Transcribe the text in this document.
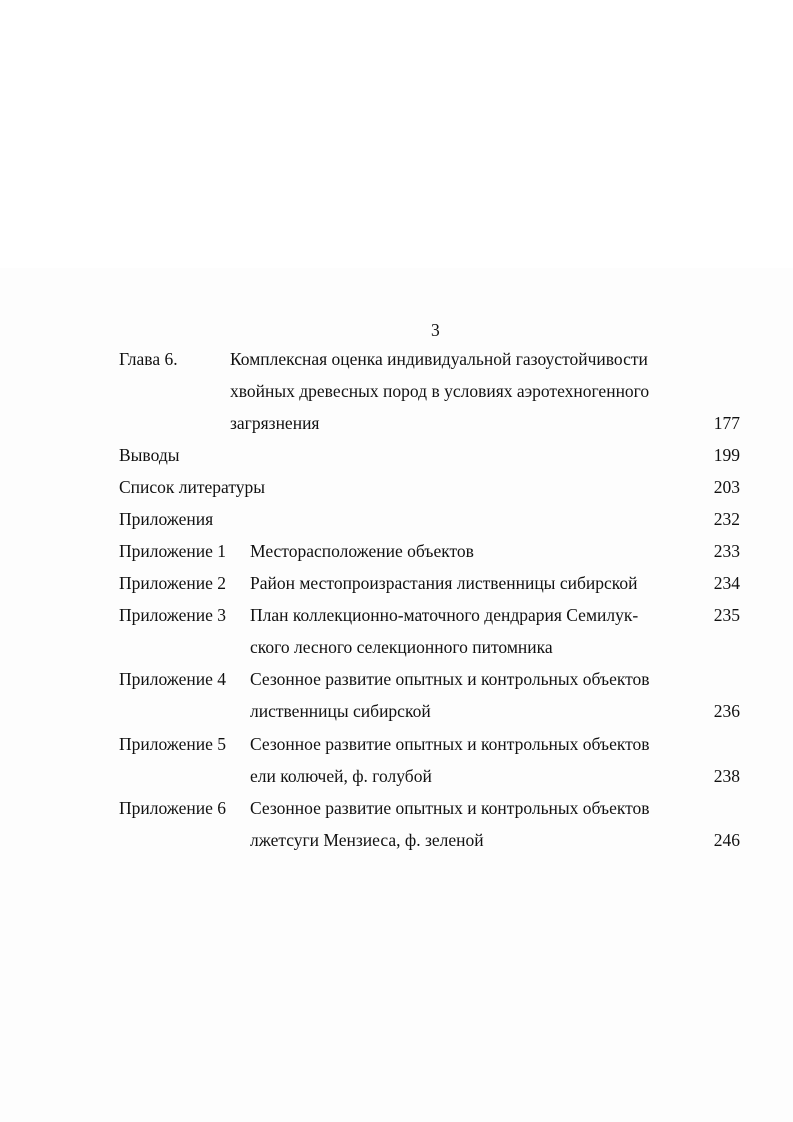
3
Глава 6.	Комплексная оценка индивидуальной газоустойчивости
хвойных древесных пород в условиях аэротехногенного
загрязнения	177
Выводы	199
Список литературы	203
Приложения	232
Приложение 1 Месторасположение объектов	233
Приложение 2 Район местопроизрастания лиственницы сибирской	234
Приложение 3 План коллекционно-маточного дендрария Семилук-	235
ского лесного селекционного питомника
Приложение 4 Сезонное развитие опытных и контрольных объектов
лиственницы сибирской	236
Приложение 5 Сезонное развитие опытных и контрольных объектов
ели колючей, ф. голубой	238
Приложение 6 Сезонное развитие опытных и контрольных объектов
лжетсуги Мензиеса, ф. зеленой	246
